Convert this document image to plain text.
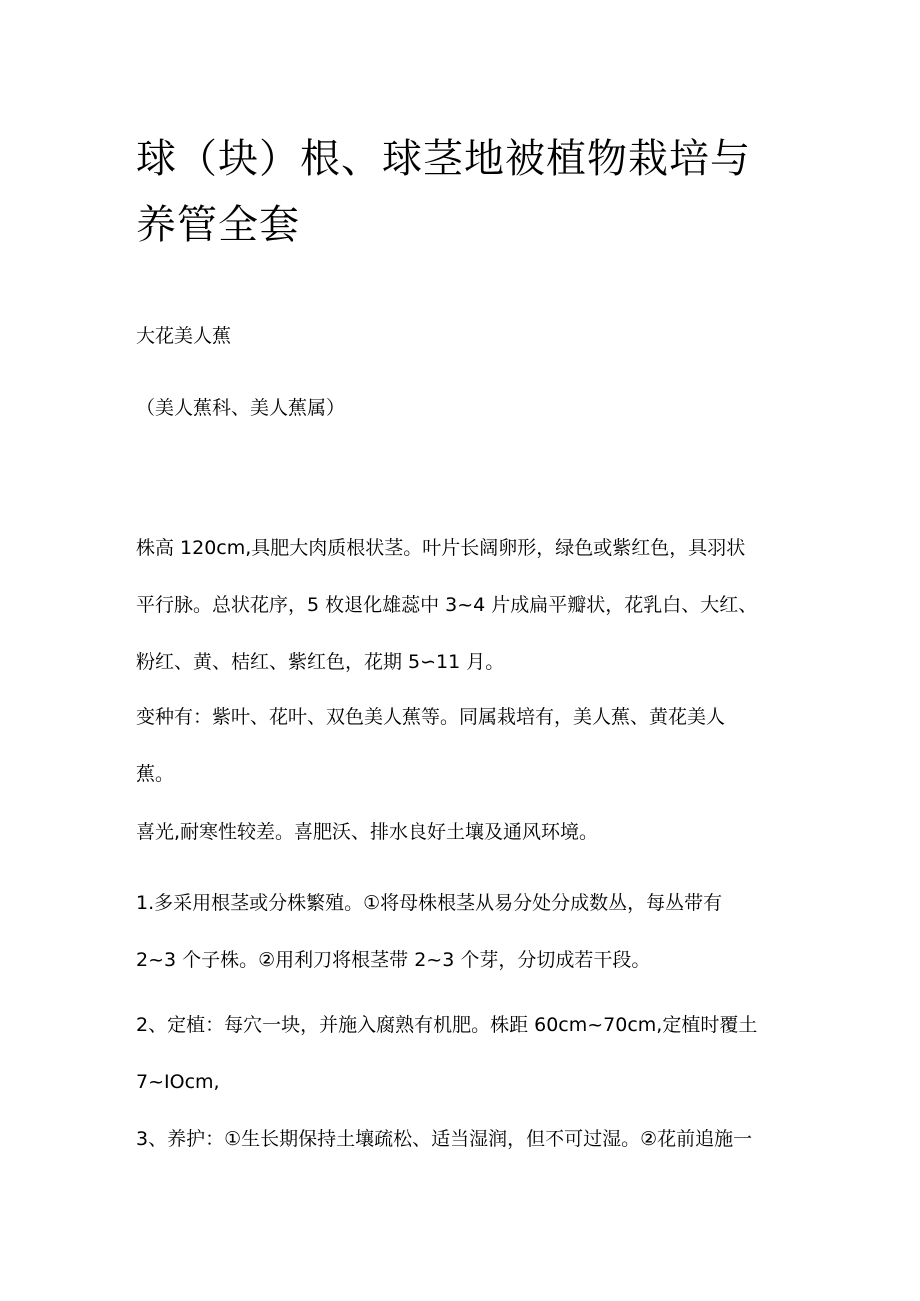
球（块）根、球茎地被植物栽培与
养管全套

大花美人蕉

（美人蕉科、美人蕉属）

株高 120cm,具肥大肉质根状茎。叶片长阔卵形，绿色或紫红色，具羽状
平行脉。总状花序，5 枚退化雄蕊中 3~4 片成扁平瓣状，花乳白、大红、
粉红、黄、桔红、紫红色，花期 5∽11 月。

变种有：紫叶、花叶、双色美人蕉等。同属栽培有，美人蕉、黄花美人
蕉。

喜光,耐寒性较差。喜肥沃、排水良好土壤及通风环境。

1.多采用根茎或分株繁殖。①将母株根茎从易分处分成数丛，每丛带有
2~3 个子株。②用利刀将根茎带 2~3 个芽，分切成若干段。

2、定植：每穴一块，并施入腐熟有机肥。株距 60cm~70cm,定植时覆土
7~IOcm,

3、养护：①生长期保持土壤疏松、适当湿润，但不可过湿。②花前追施一
